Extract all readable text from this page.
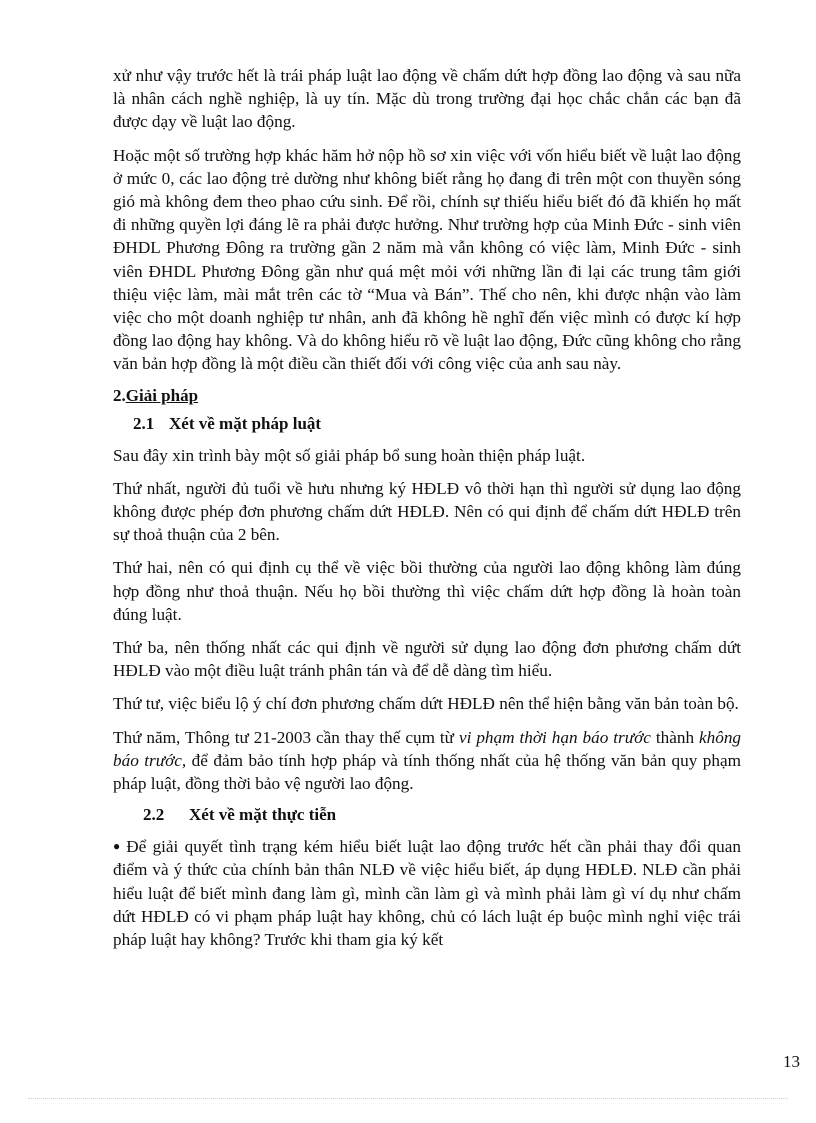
xử như vậy trước hết là trái pháp luật lao động về chấm dứt hợp đồng lao động và sau nữa là nhân cách nghề nghiệp, là uy tín. Mặc dù trong trường đại học chắc chắn các bạn đã được dạy về luật lao động.

Hoặc một số trường hợp khác hăm hở nộp hồ sơ xin việc với vốn hiểu biết về luật lao động ở mức 0, các lao động trẻ dường như không biết rằng họ đang đi trên một con thuyền sóng gió mà không đem theo phao cứu sinh. Để rồi, chính sự thiếu hiểu biết đó đã khiến họ mất đi những quyền lợi đáng lẽ ra phải được hưởng. Như trường hợp của Minh Đức - sinh viên ĐHDL Phương Đông ra trường gần 2 năm mà vẫn không có việc làm, Minh Đức - sinh viên ĐHDL Phương Đông gần như quá mệt mỏi với những lần đi lại các trung tâm giới thiệu việc làm, mài mắt trên các tờ “Mua và Bán”. Thế cho nên, khi được nhận vào làm việc cho một doanh nghiệp tư nhân, anh đã không hề nghĩ đến việc mình có được kí hợp đồng lao động hay không. Và do không hiểu rõ về luật lao động, Đức cũng không cho rằng văn bản hợp đồng là một điều cần thiết đối với công việc của anh sau này.

2.Giải pháp
2.1 Xét về mặt pháp luật

Sau đây xin trình bày một số giải pháp bổ sung hoàn thiện pháp luật.

Thứ nhất, người đủ tuổi về hưu nhưng ký HĐLĐ vô thời hạn thì người sử dụng lao động không được phép đơn phương chấm dứt HĐLĐ. Nên có qui định để chấm dứt HĐLĐ trên sự thoả thuận của 2 bên.

Thứ hai, nên có qui định cụ thể về việc bồi thường của người lao động không làm đúng hợp đồng như thoả thuận. Nếu họ bồi thường thì việc chấm dứt hợp đồng là hoàn toàn đúng luật.

Thứ ba, nên thống nhất các qui định về người sử dụng lao động đơn phương chấm dứt HĐLĐ vào một điều luật tránh phân tán và để dễ dàng tìm hiểu.

Thứ tư, việc biểu lộ ý chí đơn phương chấm dứt HĐLĐ nên thể hiện bằng văn bản toàn bộ.

Thứ năm, Thông tư 21-2003 cần thay thế cụm từ vi phạm thời hạn báo trước thành không báo trước, để đảm bảo tính hợp pháp và tính thống nhất của hệ thống văn bản quy phạm pháp luật, đồng thời bảo vệ người lao động.

2.2 Xét về mặt thực tiễn

● Để giải quyết tình trạng kém hiểu biết luật lao động trước hết cần phải thay đổi quan điểm và ý thức của chính bản thân NLĐ về việc hiểu biết, áp dụng HĐLĐ. NLĐ cần phải hiểu luật để biết mình đang làm gì, mình cần làm gì và mình phải làm gì ví dụ như chấm dứt HĐLĐ có vi phạm pháp luật hay không, chủ có lách luật ép buộc mình nghỉ việc trái pháp luật hay không? Trước khi tham gia ký kết

13
